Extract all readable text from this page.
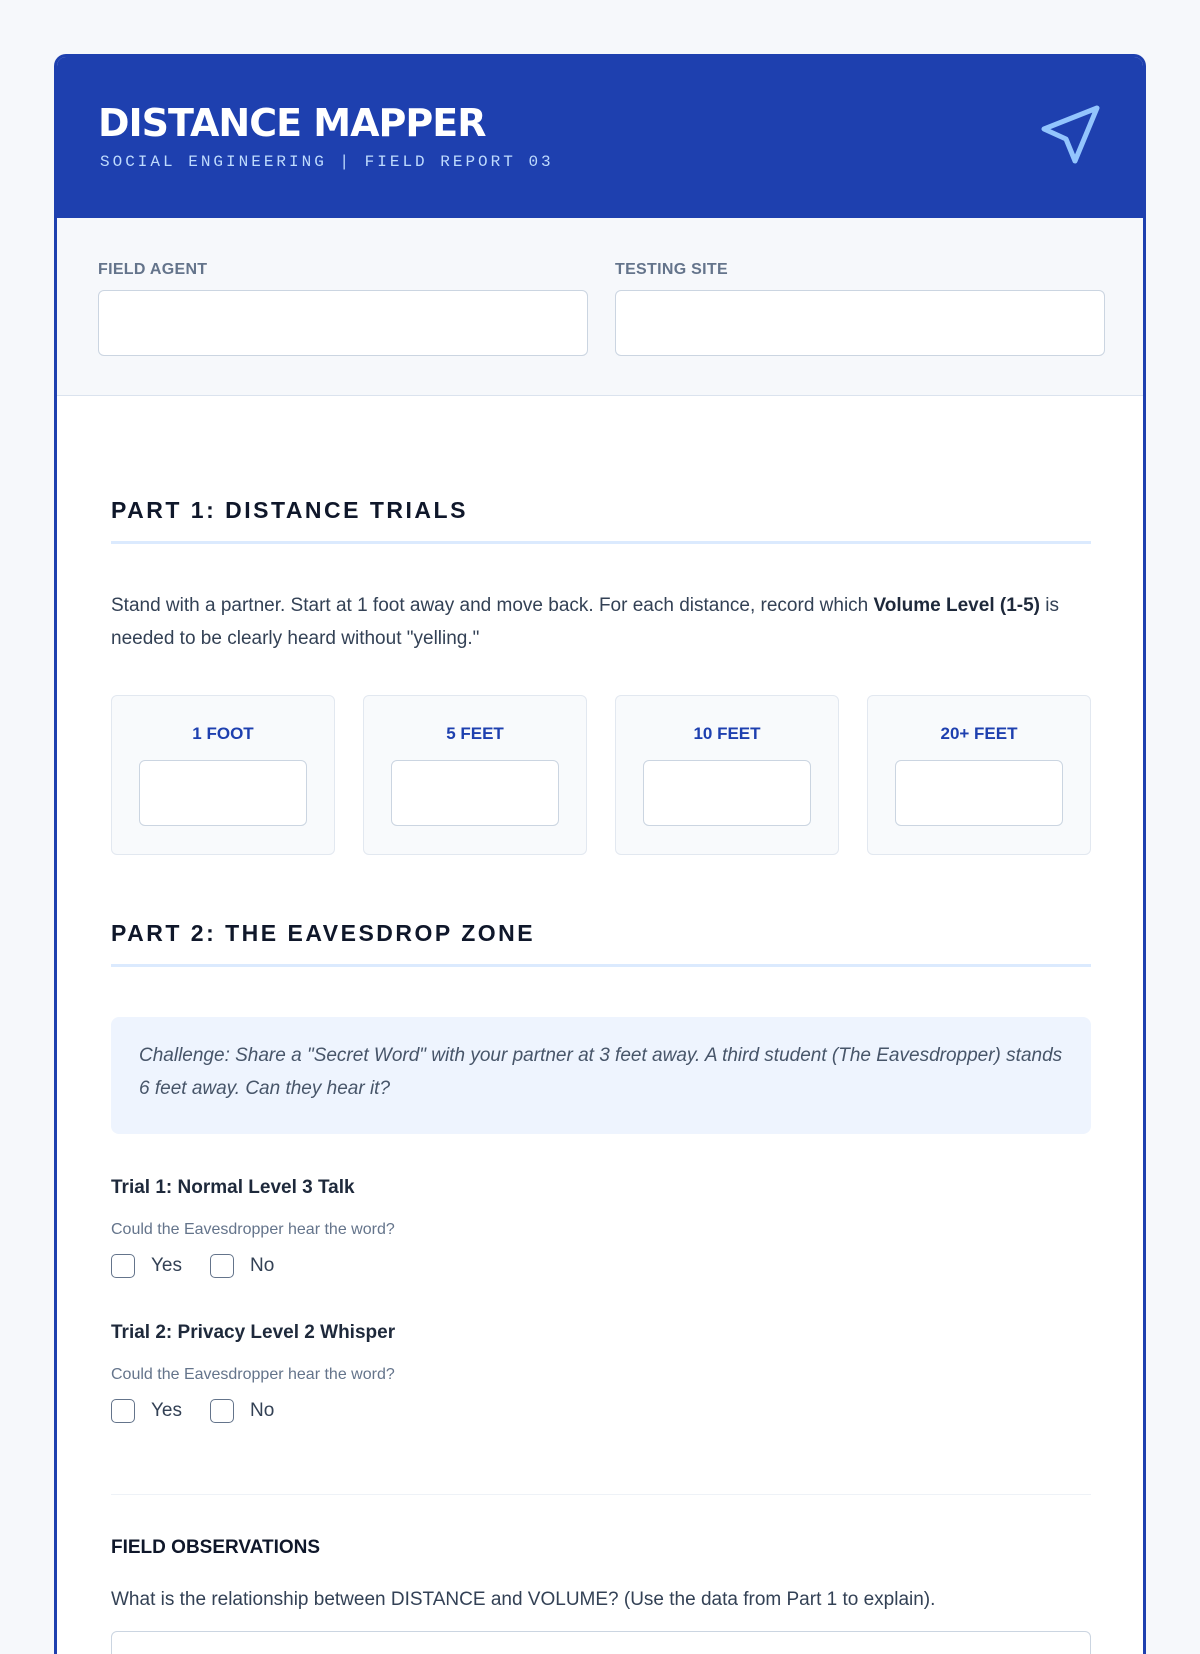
DISTANCE MAPPER
SOCIAL ENGINEERING | FIELD REPORT 03
FIELD AGENT	TESTING SITE
PART 1: DISTANCE TRIALS

Stand with a partner. Start at 1 foot away and move back. For each distance, record which Volume Level (1-5) is needed to be clearly heard without "yelling."

1 FOOT	5 FEET	10 FEET	20+ FEET
PART 2: THE EAVESDROP ZONE
Challenge: Share a "Secret Word" with your partner at 3 feet away. A third student (The Eavesdropper) stands 6 feet away. Can they hear it?
Trial 1: Normal Level 3 Talk
Could the Eavesdropper hear the word?
Yes	No
Trial 2: Privacy Level 2 Whisper
Could the Eavesdropper hear the word?
Yes	No
FIELD OBSERVATIONS
What is the relationship between DISTANCE and VOLUME? (Use the data from Part 1 to explain).
